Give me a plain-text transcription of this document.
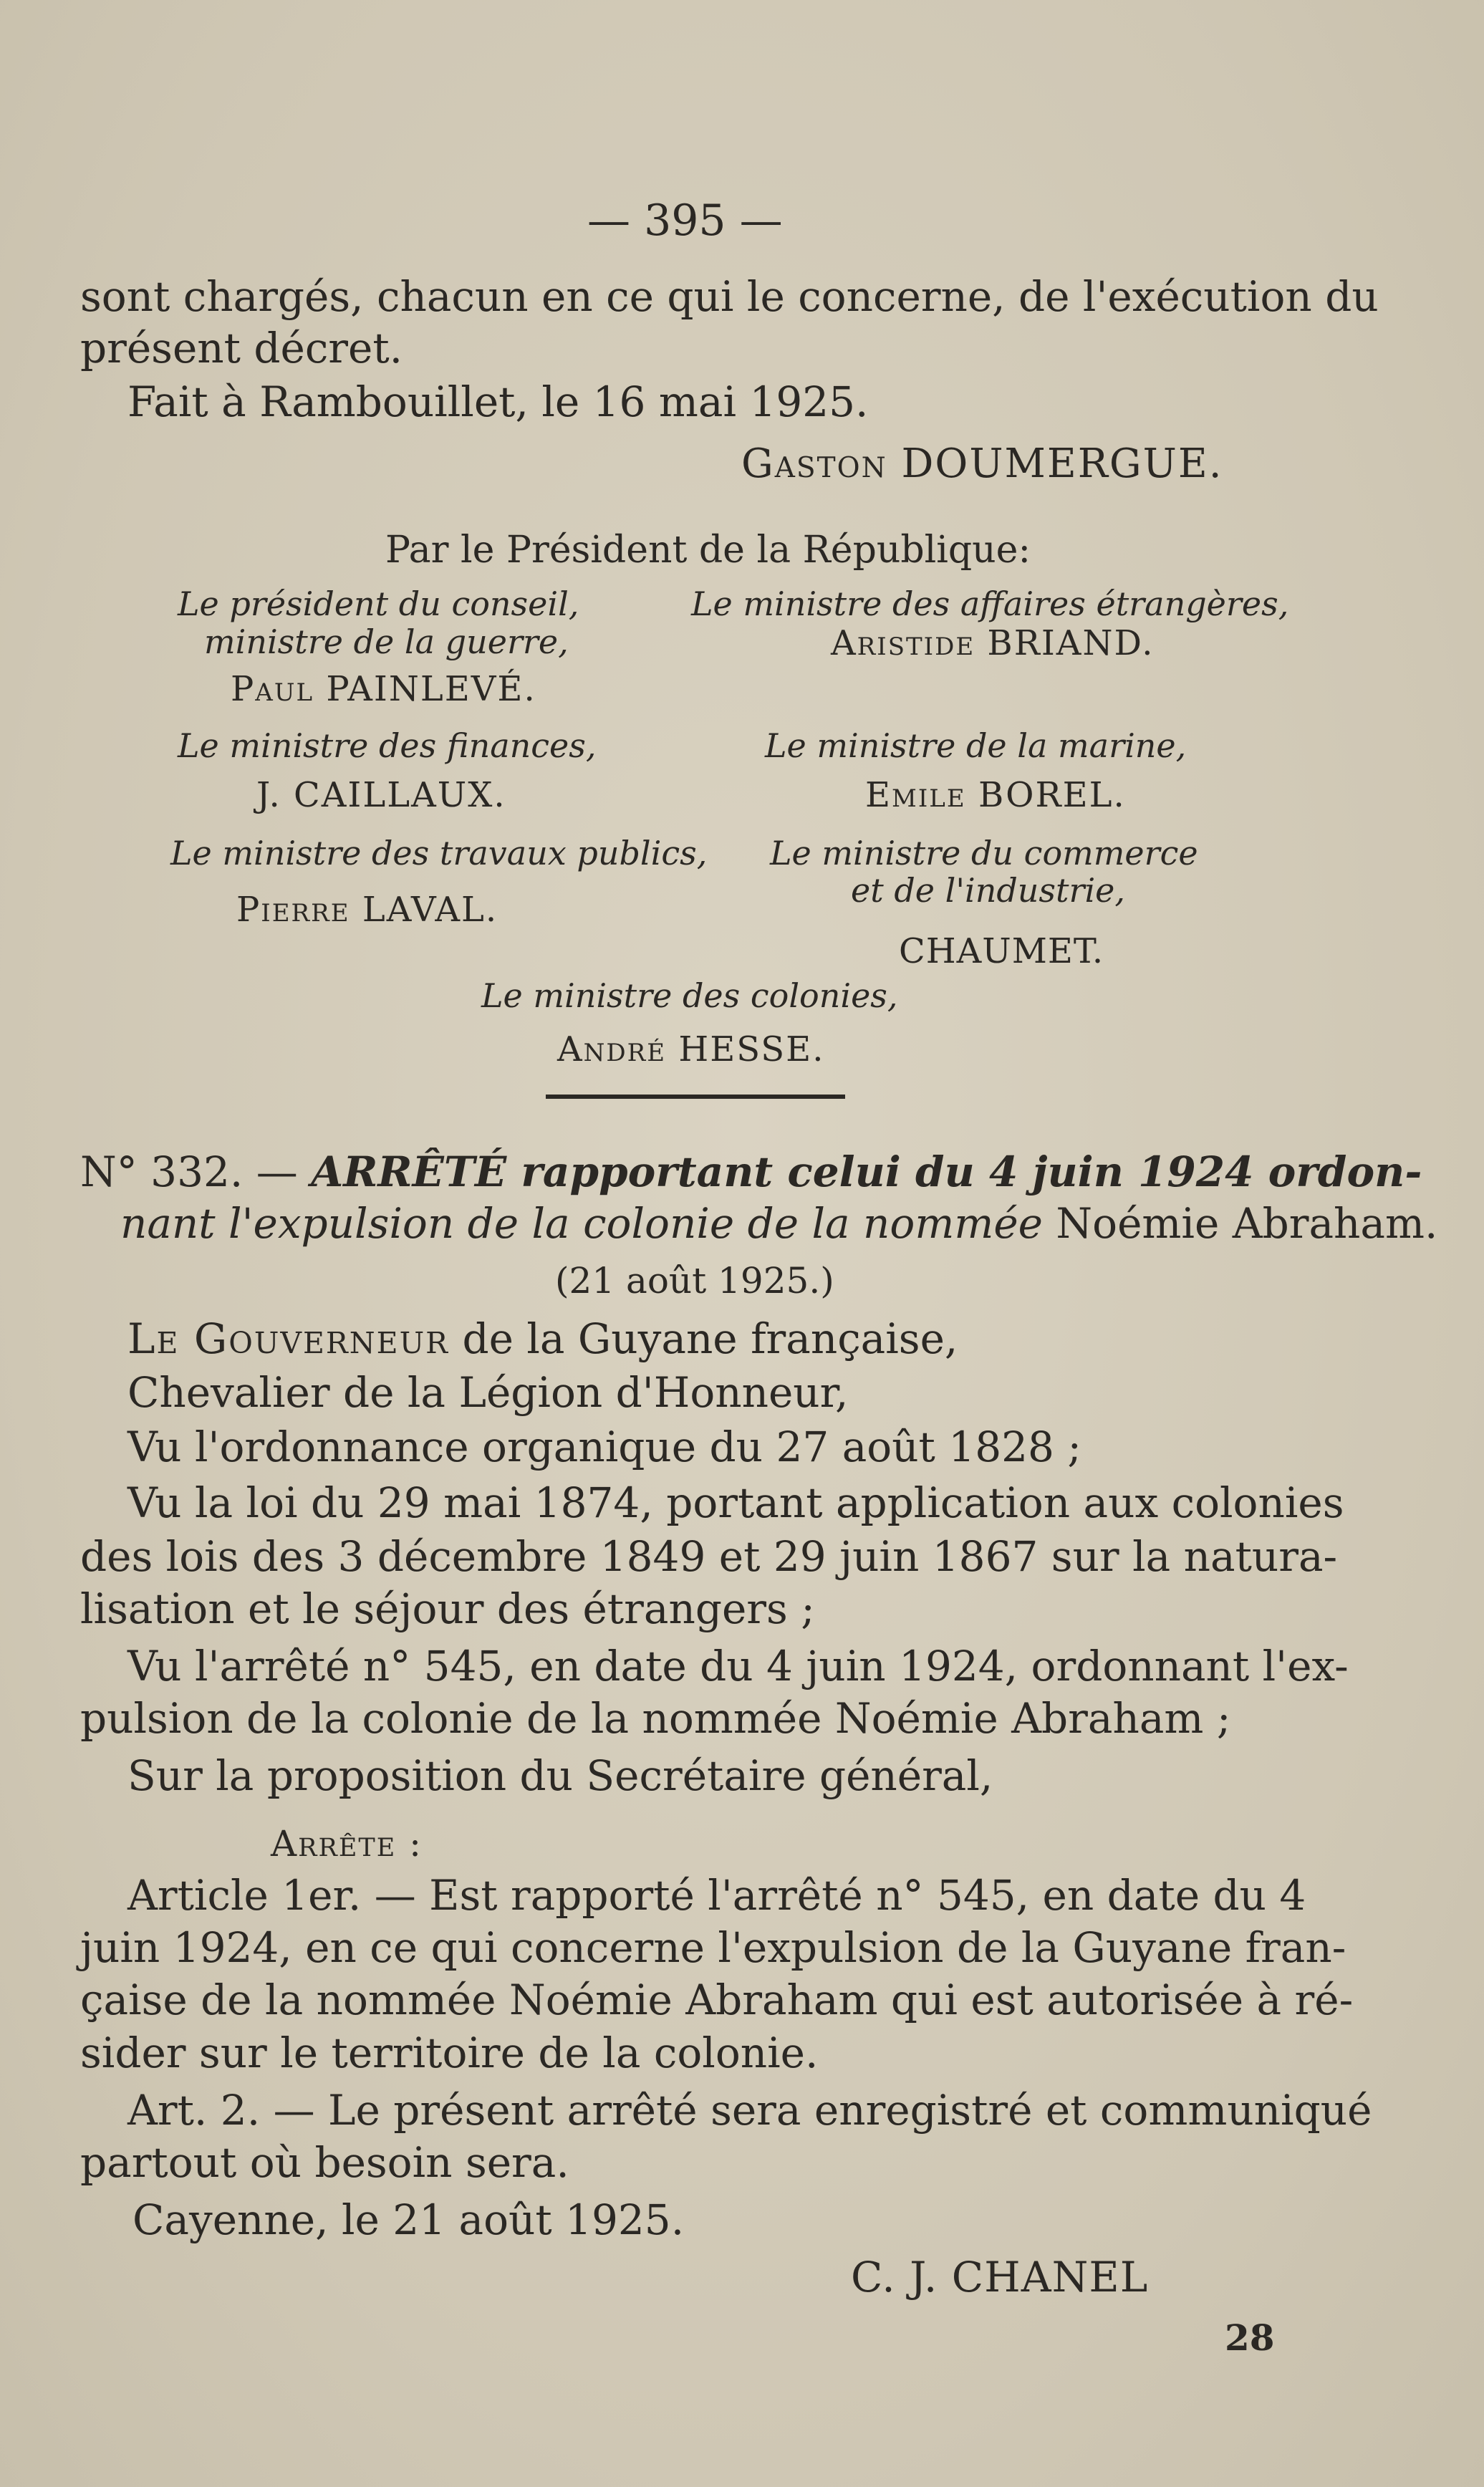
— 395 —
sont chargés, chacun en ce qui le concerne, de l'exécution du
présent décret.
Fait à Rambouillet, le 16 mai 1925.
Gaston DOUMERGUE.
Par le Président de la République:
Le président du conseil,
ministre de la guerre,
Paul PAINLEVÉ.
Le ministre des finances,
J. CAILLAUX.
Le ministre des travaux publics,
Pierre LAVAL.
Le ministre des affaires étrangères,
Aristide BRIAND.
Le ministre de la marine,
Emile BOREL.
Le ministre du commerce
et de l'industrie,
CHAUMET.
Le ministre des colonies,
André HESSE.
N° 332. — ARRÊTÉ rapportant celui du 4 juin 1924 ordon-
nant l'expulsion de la colonie de la nommée Noémie Abraham.
(21 août 1925.)
Le Gouverneur de la Guyane française,
Chevalier de la Légion d'Honneur,
Vu l'ordonnance organique du 27 août 1828 ;
Vu la loi du 29 mai 1874, portant application aux colonies
des lois des 3 décembre 1849 et 29 juin 1867 sur la natura-
lisation et le séjour des étrangers ;
Vu l'arrêté n° 545, en date du 4 juin 1924, ordonnant l'ex-
pulsion de la colonie de la nommée Noémie Abraham ;
Sur la proposition du Secrétaire général,
Arrête :
Article 1er. — Est rapporté l'arrêté n° 545, en date du 4
juin 1924, en ce qui concerne l'expulsion de la Guyane fran-
çaise de la nommée Noémie Abraham qui est autorisée à ré-
sider sur le territoire de la colonie.
Art. 2. — Le présent arrêté sera enregistré et communiqué
partout où besoin sera.
Cayenne, le 21 août 1925.
C. J. CHANEL
28
